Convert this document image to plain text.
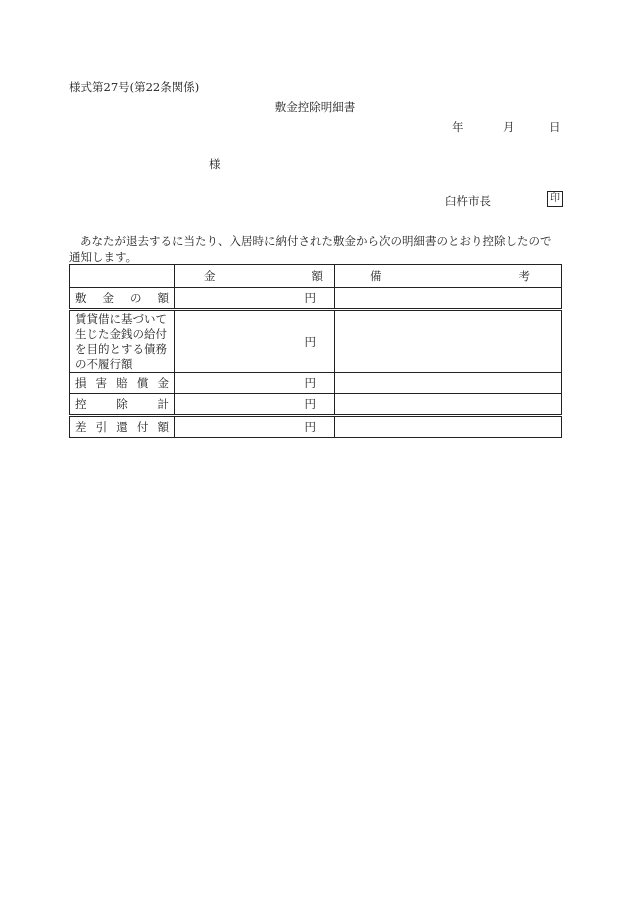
様式第27号(第22条関係)
敷金控除明細書
年	月	日
様
臼杵市長	印
あなたが退去するに当たり、入居時に納付された敷金から次の明細書のとおり控除したので通知します。

	金 額	備 考

敷 金 の 額	円	

賃貸借に基づいて
生じた金銭の給付
を目的とする債務
の不履行額	円	

損 害 賠 償 金	円	

控 除 計	円	

差 引 還 付 額	円	
